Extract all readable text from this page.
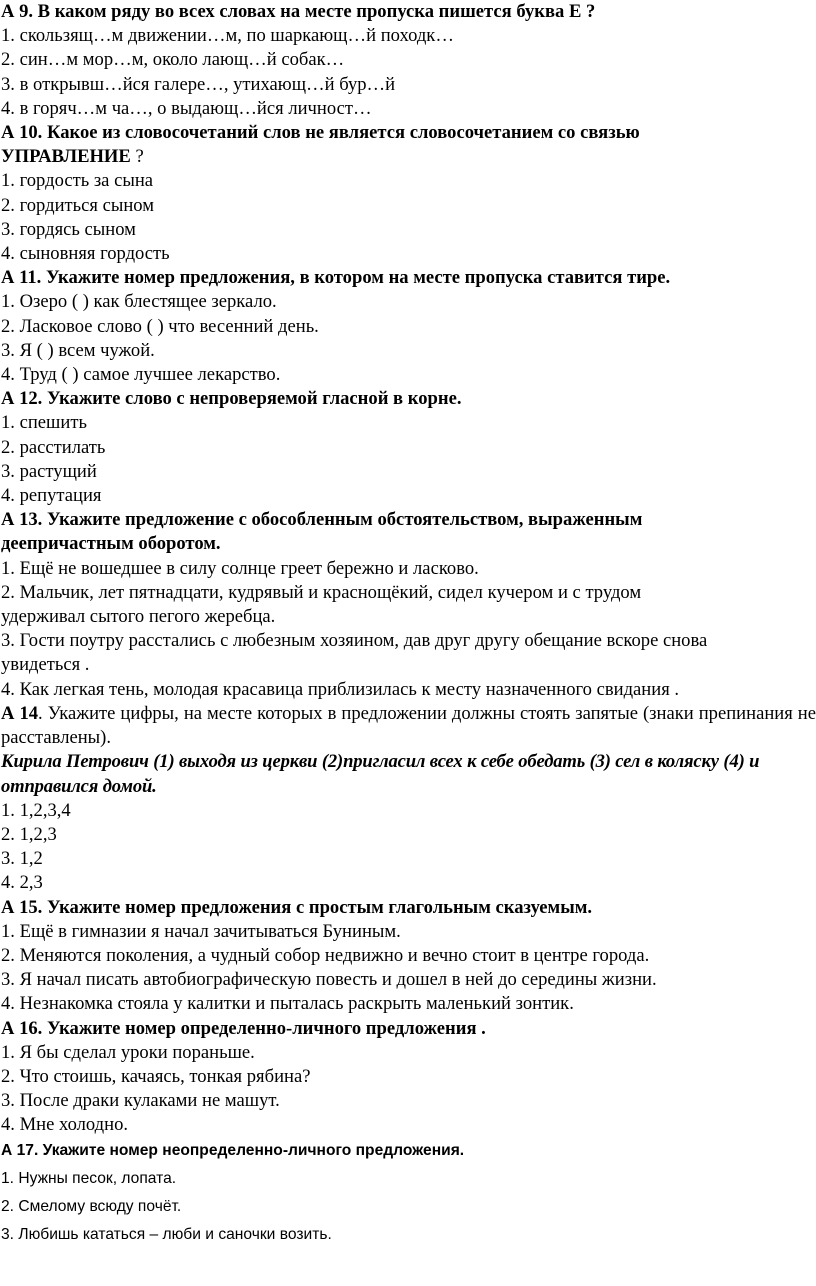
А 9. В каком ряду во всех словах на месте пропуска пишется буква Е ?
1. скользящ…м движении…м, по шаркающ…й походк…
2. син…м мор…м, около лающ…й собак…
3. в открывш…йся галере…, утихающ…й бур…й
4. в горяч…м ча…, о выдающ…йся личност…
А 10. Какое из словосочетаний слов не является словосочетанием со связью
УПРАВЛЕНИЕ ?
1. гордость за сына
2. гордиться сыном
3. гордясь сыном
4. сыновняя гордость
А 11. Укажите номер предложения, в котором на месте пропуска ставится тире.
1. Озеро ( ) как блестящее зеркало.
2. Ласковое слово ( ) что весенний день.
3. Я ( ) всем чужой.
4. Труд ( ) самое лучшее лекарство.
А 12. Укажите слово с непроверяемой гласной в корне.
1. спешить
2. расстилать
3. растущий
4. репутация
А 13. Укажите предложение с обособленным обстоятельством, выраженным
деепричастным оборотом.
1. Ещё не вошедшее в силу солнце греет бережно и ласково.
2. Мальчик, лет пятнадцати, кудрявый и краснощёкий, сидел кучером и с трудом
удерживал сытого пегого жеребца.
3. Гости поутру расстались с любезным хозяином, дав друг другу обещание вскоре снова
увидеться .
4. Как легкая тень, молодая красавица приблизилась к месту назначенного свидания .
А 14. Укажите цифры, на месте которых в предложении должны стоять запятые (знаки препинания не расставлены).
Кирила Петрович (1) выходя из церкви (2)пригласил всех к себе обедать (3) сел в коляску (4) и отправился домой.
1. 1,2,3,4
2. 1,2,3
3. 1,2
4. 2,3
А 15. Укажите номер предложения с простым глагольным сказуемым.
1. Ещё в гимназии я начал зачитываться Буниным.
2. Меняются поколения, а чудный собор недвижно и вечно стоит в центре города.
3. Я начал писать автобиографическую повесть и дошел в ней до середины жизни.
4. Незнакомка стояла у калитки и пыталась раскрыть маленький зонтик.
А 16. Укажите номер определенно-личного предложения .
1. Я бы сделал уроки пораньше.
2. Что стоишь, качаясь, тонкая рябина?
3. После драки кулаками не машут.
4. Мне холодно.
А 17. Укажите номер неопределенно-личного предложения.
1. Нужны песок, лопата.
2. Смелому всюду почёт.
3. Любишь кататься – люби и саночки возить.
